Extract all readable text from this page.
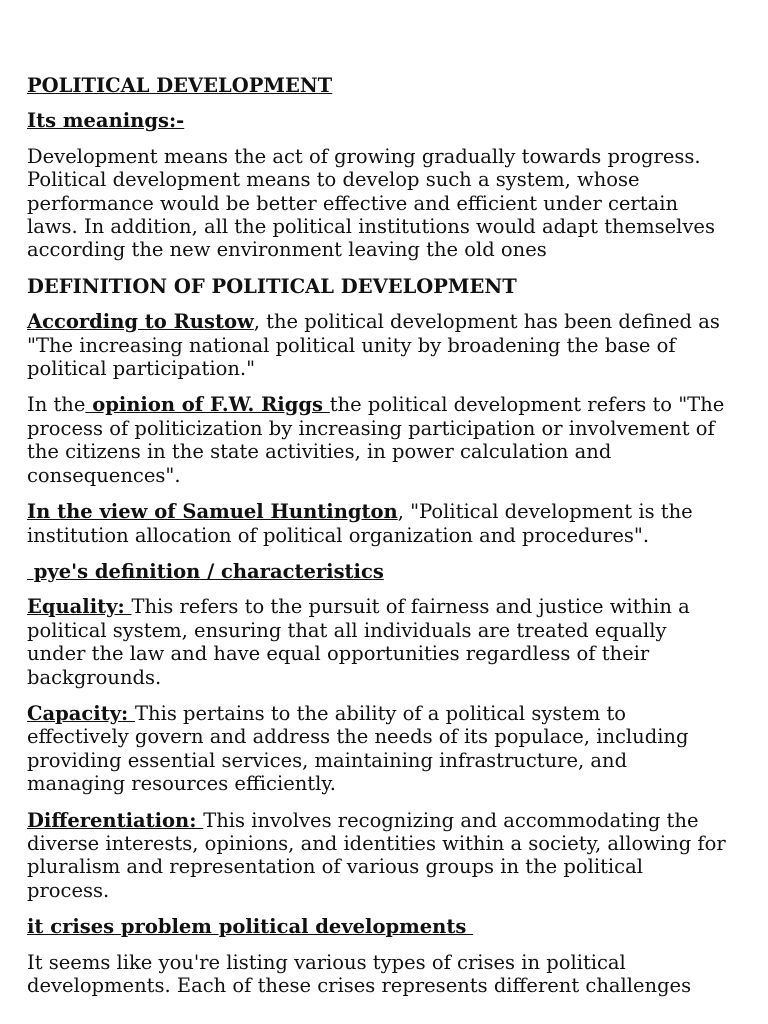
POLITICAL DEVELOPMENT
Its meanings:-

Development means the act of growing gradually towards progress. Political development means to develop such a system, whose performance would be better effective and efficient under certain laws. In addition, all the political institutions would adapt themselves according the new environment leaving the old ones

DEFINITION OF POLITICAL DEVELOPMENT

According to Rustow, the political development has been defined as "The increasing national political unity by broadening the base of political participation."

In the opinion of F.W. Riggs the political development refers to "The process of politicization by increasing participation or involvement of the citizens in the state activities, in power calculation and consequences".

In the view of Samuel Huntington, "Political development is the institution allocation of political organization and procedures".

pye's definition / characteristics

Equality: This refers to the pursuit of fairness and justice within a political system, ensuring that all individuals are treated equally under the law and have equal opportunities regardless of their backgrounds.

Capacity: This pertains to the ability of a political system to effectively govern and address the needs of its populace, including providing essential services, maintaining infrastructure, and managing resources efficiently.

Differentiation: This involves recognizing and accommodating the diverse interests, opinions, and identities within a society, allowing for pluralism and representation of various groups in the political process.

it crises problem political developments

It seems like you're listing various types of crises in political developments. Each of these crises represents different challenges
